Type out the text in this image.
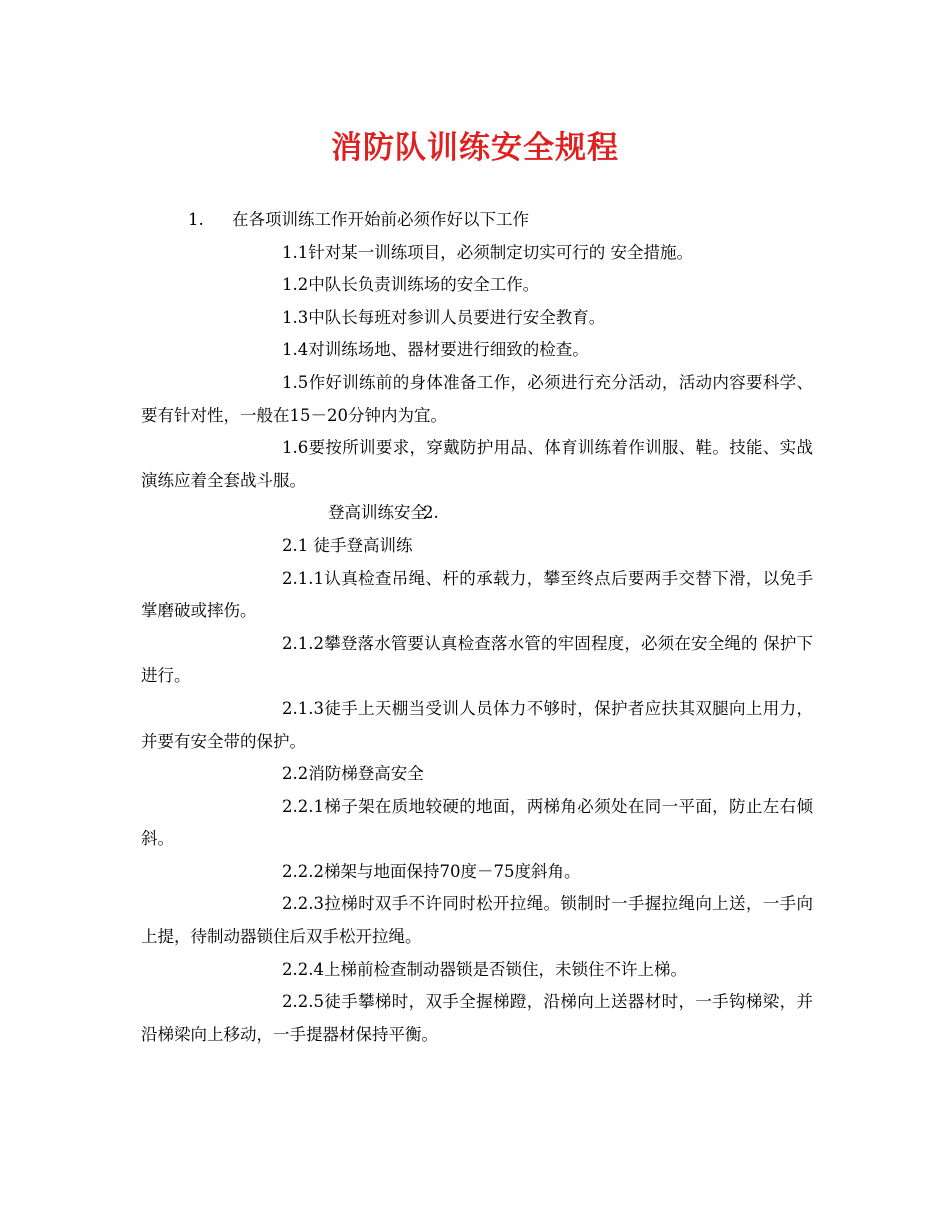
消防队训练安全规程

1. 在各项训练工作开始前必须作好以下工作

1.1针对某一训练项目，必须制定切实可行的 安全措施。

1.2中队长负责训练场的安全工作。

1.3中队长每班对参训人员要进行安全教育。

1.4对训练场地、器材要进行细致的检查。

1.5作好训练前的身体准备工作，必须进行充分活动，活动内容要科学、要有针对性，一般在15－20分钟内为宜。

1.6要按所训要求，穿戴防护用品、体育训练着作训服、鞋。技能、实战演练应着全套战斗服。

2.登高训练安全

2.1 徒手登高训练

2.1.1认真检查吊绳、杆的承载力，攀至终点后要两手交替下滑，以免手掌磨破或摔伤。

2.1.2攀登落水管要认真检查落水管的牢固程度，必须在安全绳的 保护下进行。

2.1.3徒手上天棚当受训人员体力不够时，保护者应扶其双腿向上用力，并要有安全带的保护。

2.2消防梯登高安全

2.2.1梯子架在质地较硬的地面，两梯角必须处在同一平面，防止左右倾斜。

2.2.2梯架与地面保持70度－75度斜角。

2.2.3拉梯时双手不许同时松开拉绳。锁制时一手握拉绳向上送，一手向上提，待制动器锁住后双手松开拉绳。

2.2.4上梯前检查制动器锁是否锁住，未锁住不许上梯。

2.2.5徒手攀梯时，双手全握梯蹬，沿梯向上送器材时，一手钩梯梁，并沿梯梁向上移动，一手提器材保持平衡。
